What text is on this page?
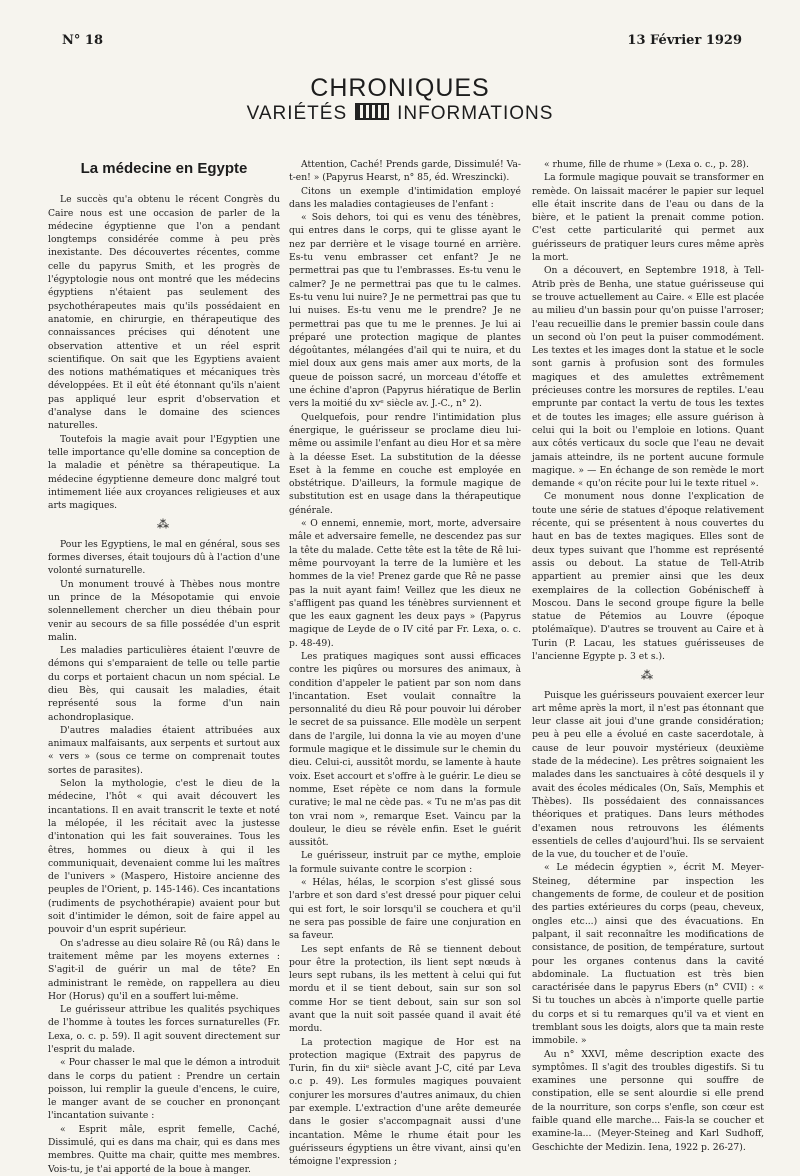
N° 18	13 Février 1929
CHRONIQUES
VARIÉTÉS	INFORMATIONS
La médecine en Egypte

Le succès qu'a obtenu le récent Congrès du Caire nous est une occasion de parler de la médecine égyptienne que l'on a pendant longtemps considérée comme à peu près inexistante. Des découvertes récentes, comme celle du papyrus Smith, et les progrès de l'égyptologie nous ont montré que les médecins égyptiens n'étaient pas seulement des psychothérapeutes mais qu'ils possédaient en anatomie, en chirurgie, en thérapeutique des connaissances précises qui dénotent une observation attentive et un réel esprit scientifique. On sait que les Egyptiens avaient des notions mathématiques et mécaniques très développées. Et il eût été étonnant qu'ils n'aient pas appliqué leur esprit d'observation et d'analyse dans le domaine des sciences naturelles.

Toutefois la magie avait pour l'Egyptien une telle importance qu'elle domine sa conception de la maladie et pénètre sa thérapeutique. La médecine égyptienne demeure donc malgré tout intimement liée aux croyances religieuses et aux arts magiques.

⁂

Pour les Egyptiens, le mal en général, sous ses formes diverses, était toujours dû à l'action d'une volonté surnaturelle.

Un monument trouvé à Thèbes nous montre un prince de la Mésopotamie qui envoie solennellement chercher un dieu thébain pour venir au secours de sa fille possédée d'un esprit malin.

Les maladies particulières étaient l'œuvre de démons qui s'emparaient de telle ou telle partie du corps et portaient chacun un nom spécial. Le dieu Bès, qui causait les maladies, était représenté sous la forme d'un nain achondroplasique.

D'autres maladies étaient attribuées aux animaux malfaisants, aux serpents et surtout aux « vers » (sous ce terme on comprenait toutes sortes de parasites).

Selon la mythologie, c'est le dieu de la médecine, l'hôt « qui avait découvert les incantations. Il en avait transcrit le texte et noté la mélopée, il les récitait avec la justesse d'intonation qui les fait souveraines. Tous les êtres, hommes ou dieux à qui il les communiquait, devenaient comme lui les maîtres de l'univers » (Maspero, Histoire ancienne des peuples de l'Orient, p. 145-146). Ces incantations (rudiments de psychothérapie) avaient pour but soit d'intimider le démon, soit de faire appel au pouvoir d'un esprit supérieur.

On s'adresse au dieu solaire Rê (ou Râ) dans le traitement même par les moyens externes : S'agit-il de guérir un mal de tête? En administrant le remède, on rappellera au dieu Hor (Horus) qu'il en a souffert lui-même.

Le guérisseur attribue les qualités psychiques de l'homme à toutes les forces surnaturelles (Fr. Lexa, o. c. p. 59). Il agit souvent directement sur l'esprit du malade.

« Pour chasser le mal que le démon a introduit dans le corps du patient : Prendre un certain poisson, lui remplir la gueule d'encens, le cuire, le manger avant de se coucher en prononçant l'incantation suivante :

« Esprit mâle, esprit femelle, Caché, Dissimulé, qui es dans ma chair, qui es dans mes membres. Quitte ma chair, quitte mes membres. Vois-tu, je t'ai apporté de la boue à manger.

Attention, Caché! Prends garde, Dissimulé! Va-t-en! » (Papyrus Hearst, n° 85, éd. Wreszincki).

Citons un exemple d'intimidation employé dans les maladies contagieuses de l'enfant :

« Sois dehors, toi qui es venu des ténèbres, qui entres dans le corps, qui te glisse ayant le nez par derrière et le visage tourné en arrière. Es-tu venu embrasser cet enfant? Je ne permettrai pas que tu l'embrasses. Es-tu venu le calmer? Je ne permettrai pas que tu le calmes. Es-tu venu lui nuire? Je ne permettrai pas que tu lui nuises. Es-tu venu me le prendre? Je ne permettrai pas que tu me le prennes. Je lui ai préparé une protection magique de plantes dégoûtantes, mélangées d'ail qui te nuira, et du miel doux aux gens mais amer aux morts, de la queue de poisson sacré, un morceau d'étoffe et une échine d'apron (Papyrus hiératique de Berlin vers la moitié du xvᵉ siècle av. J.-C., n° 2).

Quelquefois, pour rendre l'intimidation plus énergique, le guérisseur se proclame dieu lui-même ou assimile l'enfant au dieu Hor et sa mère à la déesse Eset. La substitution de la déesse Eset à la femme en couche est employée en obstétrique. D'ailleurs, la formule magique de substitution est en usage dans la thérapeutique générale.

« O ennemi, ennemie, mort, morte, adversaire mâle et adversaire femelle, ne descendez pas sur la tête du malade. Cette tête est la tête de Rê lui-même pourvoyant la terre de la lumière et les hommes de la vie! Prenez garde que Rê ne passe pas la nuit ayant faim! Veillez que les dieux ne s'affligent pas quand les ténèbres surviennent et que les eaux gagnent les deux pays » (Papyrus magique de Leyde de o IV cité par Fr. Lexa, o. c. p. 48-49).

Les pratiques magiques sont aussi efficaces contre les piqûres ou morsures des animaux, à condition d'appeler le patient par son nom dans l'incantation. Eset voulait connaître la personnalité du dieu Rê pour pouvoir lui dérober le secret de sa puissance. Elle modèle un serpent dans de l'argile, lui donna la vie au moyen d'une formule magique et le dissimule sur le chemin du dieu. Celui-ci, aussitôt mordu, se lamente à haute voix. Eset accourt et s'offre à le guérir. Le dieu se nomme, Eset répète ce nom dans la formule curative; le mal ne cède pas. « Tu ne m'as pas dit ton vrai nom », remarque Eset. Vaincu par la douleur, le dieu se révèle enfin. Eset le guérit aussitôt.

Le guérisseur, instruit par ce mythe, emploie la formule suivante contre le scorpion :

« Hélas, hélas, le scorpion s'est glissé sous l'arbre et son dard s'est dressé pour piquer celui qui est fort, le soir lorsqu'il se couchera et qu'il ne sera pas possible de faire une conjuration en sa faveur.

Les sept enfants de Rê se tiennent debout pour être la protection, ils lient sept nœuds à leurs sept rubans, ils les mettent à celui qui fut mordu et il se tient debout, sain sur son sol comme Hor se tient debout, sain sur son sol avant que la nuit soit passée quand il avait été mordu.

La protection magique de Hor est na protection magique (Extrait des papyrus de Turin, fin du xiiᵉ siècle avant J-C, cité par Leva o.c p. 49). Les formules magiques pouvaient conjurer les morsures d'autres animaux, du chien par exemple. L'extraction d'une arête demeurée dans le gosier s'accompagnait aussi d'une incantation. Même le rhume était pour les guérisseurs égyptiens un être vivant, ainsi qu'en témoigne l'expression ;

« rhume, fille de rhume » (Lexa o. c., p. 28).

La formule magique pouvait se transformer en remède. On laissait macérer le papier sur lequel elle était inscrite dans de l'eau ou dans de la bière, et le patient la prenait comme potion. C'est cette particularité qui permet aux guérisseurs de pratiquer leurs cures même après la mort.

On a découvert, en Septembre 1918, à Tell-Atrib près de Benha, une statue guérisseuse qui se trouve actuellement au Caire. « Elle est placée au milieu d'un bassin pour qu'on puisse l'arroser; l'eau recueillie dans le premier bassin coule dans un second où l'on peut la puiser commodément. Les textes et les images dont la statue et le socle sont garnis à profusion sont des formules magiques et des amulettes extrêmement précieuses contre les morsures de reptiles. L'eau emprunte par contact la vertu de tous les textes et de toutes les images; elle assure guérison à celui qui la boit ou l'emploie en lotions. Quant aux côtés verticaux du socle que l'eau ne devait jamais atteindre, ils ne portent aucune formule magique. » — En échange de son remède le mort demande « qu'on récite pour lui le texte rituel ».

Ce monument nous donne l'explication de toute une série de statues d'époque relativement récente, qui se présentent à nous couvertes du haut en bas de textes magiques. Elles sont de deux types suivant que l'homme est représenté assis ou debout. La statue de Tell-Atrib appartient au premier ainsi que les deux exemplaires de la collection Gobénischeff à Moscou. Dans le second groupe figure la belle statue de Pétemios au Louvre (époque ptolémaïque). D'autres se trouvent au Caire et à Turin (P. Lacau, les statues guérisseuses de l'ancienne Egypte p. 3 et s.).

⁂

Puisque les guérisseurs pouvaient exercer leur art même après la mort, il n'est pas étonnant que leur classe ait joui d'une grande considération; peu à peu elle a évolué en caste sacerdotale, à cause de leur pouvoir mystérieux (deuxième stade de la médecine). Les prêtres soignaient les malades dans les sanctuaires à côté desquels il y avait des écoles médicales (On, Saïs, Memphis et Thèbes). Ils possédaient des connaissances théoriques et pratiques. Dans leurs méthodes d'examen nous retrouvons les éléments essentiels de celles d'aujourd'hui. Ils se servaient de la vue, du toucher et de l'ouïe.

« Le médecin égyptien », écrit M. Meyer-Steineg, détermine par inspection les changements de forme, de couleur et de position des parties extérieures du corps (peau, cheveux, ongles etc...) ainsi que des évacuations. En palpant, il sait reconnaître les modifications de consistance, de position, de température, surtout pour les organes contenus dans la cavité abdominale. La fluctuation est très bien caractérisée dans le papyrus Ebers (n° CVII) : « Si tu touches un abcès à n'importe quelle partie du corps et si tu remarques qu'il va et vient en tremblant sous les doigts, alors que ta main reste immobile. »

Au n° XXVI, même description exacte des symptômes. Il s'agit des troubles digestifs. Si tu examines une personne qui souffre de constipation, elle se sent alourdie si elle prend de la nourriture, son corps s'enfle, son cœur est faible quand elle marche... Fais-la se coucher et examine-la... (Meyer-Steineg and Karl Sudhoff, Geschichte der Medizin. Iena, 1922 p. 26-27).
